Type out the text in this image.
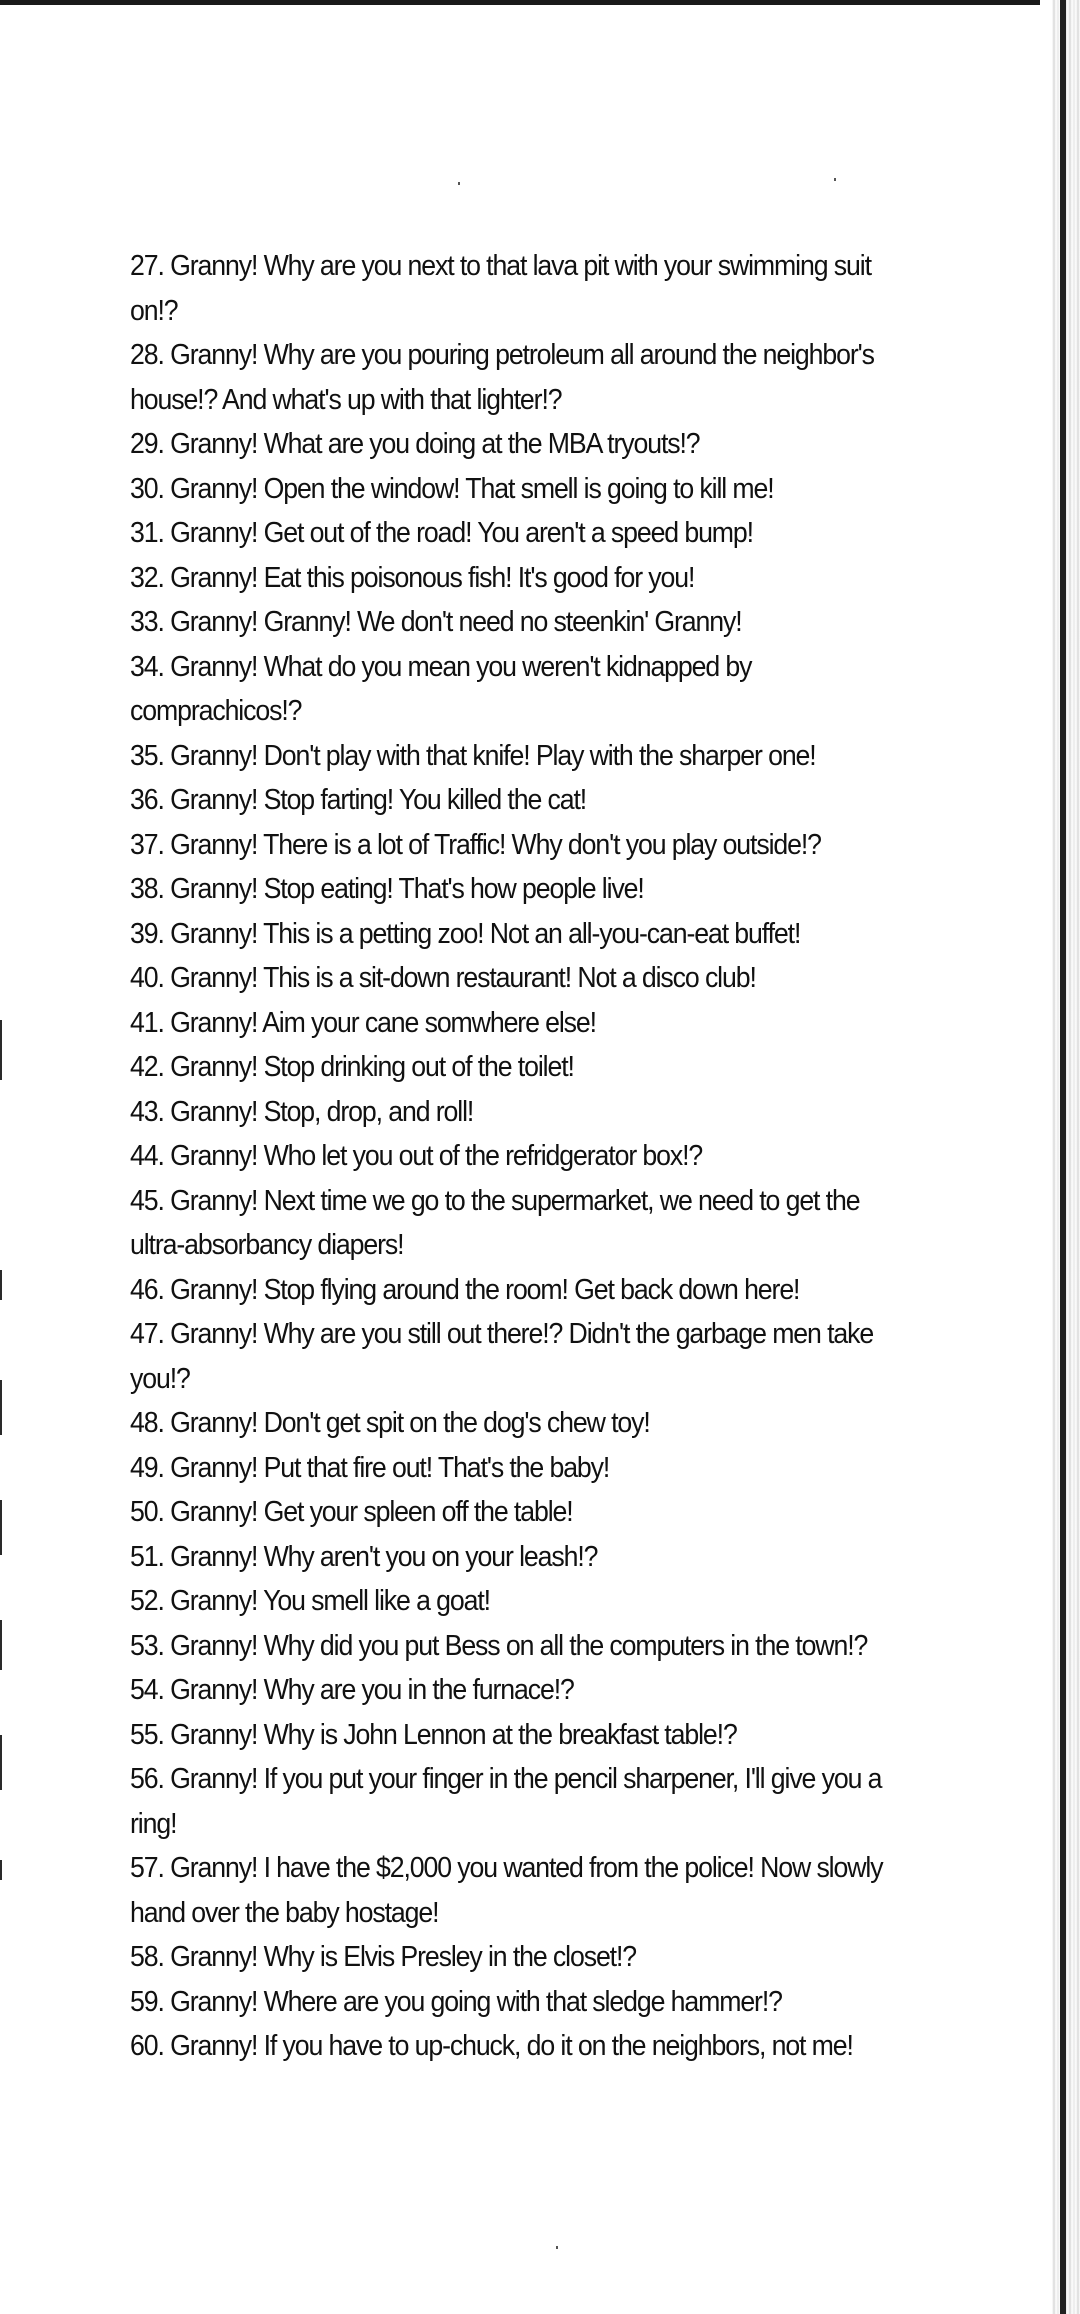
27. Granny! Why are you next to that lava pit with your swimming suit on!?
28. Granny! Why are you pouring petroleum all around the neighbor's house!? And what's up with that lighter!?
29. Granny! What are you doing at the MBA tryouts!?
30. Granny! Open the window! That smell is going to kill me!
31. Granny! Get out of the road! You aren't a speed bump!
32. Granny! Eat this poisonous fish! It's good for you!
33. Granny! Granny! We don't need no steenkin' Granny!
34. Granny! What do you mean you weren't kidnapped by comprachicos!?
35. Granny! Don't play with that knife! Play with the sharper one!
36. Granny! Stop farting! You killed the cat!
37. Granny! There is a lot of Traffic! Why don't you play outside!?
38. Granny! Stop eating! That's how people live!
39. Granny! This is a petting zoo! Not an all-you-can-eat buffet!
40. Granny! This is a sit-down restaurant! Not a disco club!
41. Granny! Aim your cane somwhere else!
42. Granny! Stop drinking out of the toilet!
43. Granny! Stop, drop, and roll!
44. Granny! Who let you out of the refridgerator box!?
45. Granny! Next time we go to the supermarket, we need to get the ultra-absorbancy diapers!
46. Granny! Stop flying around the room! Get back down here!
47. Granny! Why are you still out there!? Didn't the garbage men take you!?
48. Granny! Don't get spit on the dog's chew toy!
49. Granny! Put that fire out! That's the baby!
50. Granny! Get your spleen off the table!
51. Granny! Why aren't you on your leash!?
52. Granny! You smell like a goat!
53. Granny! Why did you put Bess on all the computers in the town!?
54. Granny! Why are you in the furnace!?
55. Granny! Why is John Lennon at the breakfast table!?
56. Granny! If you put your finger in the pencil sharpener, I'll give you a ring!
57. Granny! I have the $2,000 you wanted from the police! Now slowly hand over the baby hostage!
58. Granny! Why is Elvis Presley in the closet!?
59. Granny! Where are you going with that sledge hammer!?
60. Granny! If you have to up-chuck, do it on the neighbors, not me!
